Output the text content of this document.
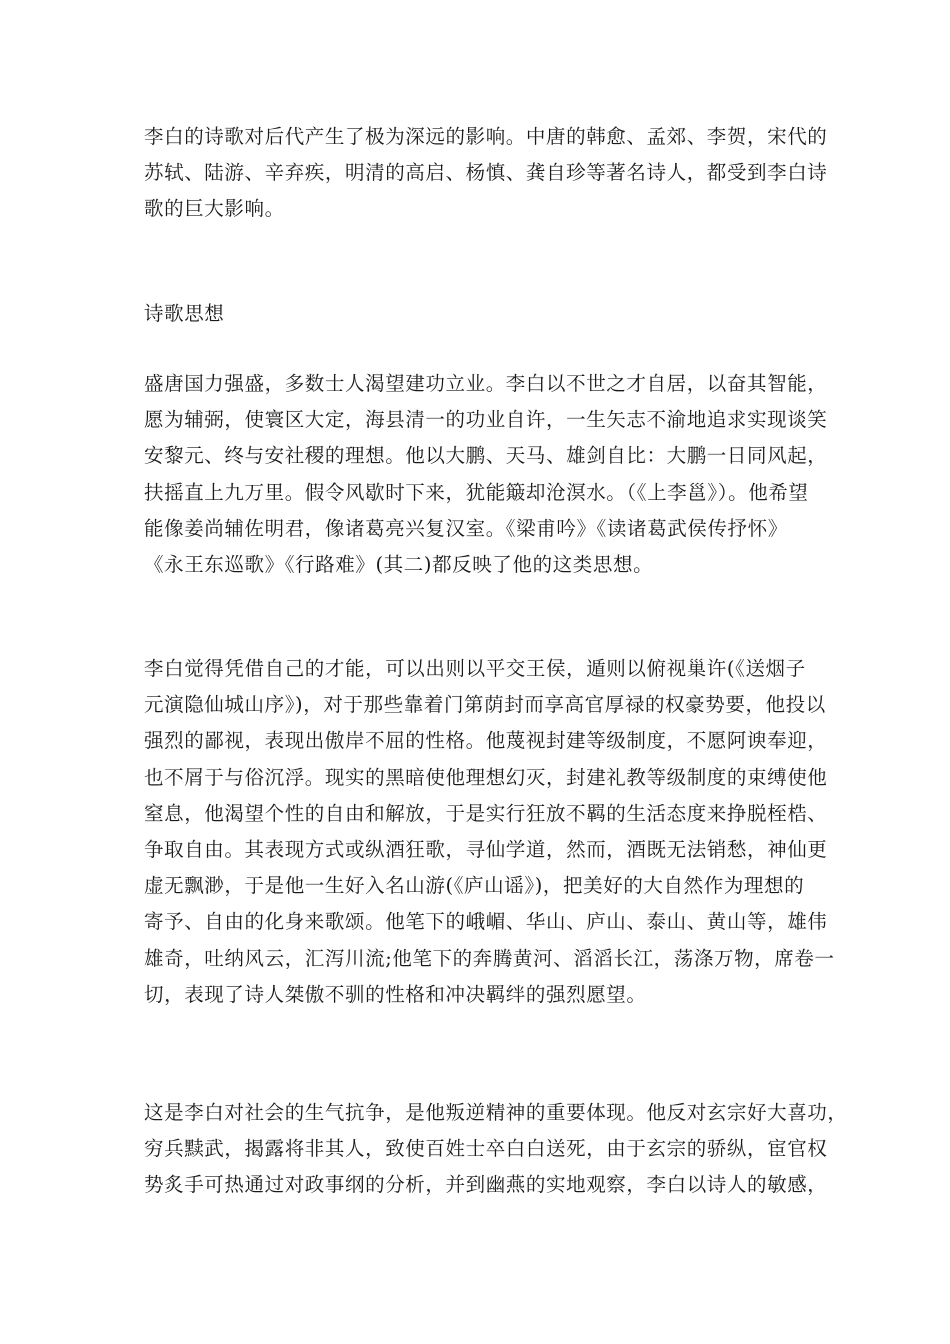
李白的诗歌对后代产生了极为深远的影响。中唐的韩愈、孟郊、李贺，宋代的
苏轼、陆游、辛弃疾，明清的高启、杨慎、龚自珍等著名诗人，都受到李白诗
歌的巨大影响。
诗歌思想
盛唐国力强盛，多数士人渴望建功立业。李白以不世之才自居，以奋其智能，
愿为辅弼，使寰区大定，海县清一的功业自许，一生矢志不渝地追求实现谈笑
安黎元、终与安社稷的理想。他以大鹏、天马、雄剑自比：大鹏一日同风起，
扶摇直上九万里。假令风歇时下来，犹能簸却沧溟水。（《上李邕》）。他希望
能像姜尚辅佐明君，像诸葛亮兴复汉室。《梁甫吟》《读诸葛武侯传抒怀》
《永王东巡歌》《行路难》(其二)都反映了他的这类思想。
李白觉得凭借自己的才能，可以出则以平交王侯，遁则以俯视巢许(《送烟子
元演隐仙城山序》)，对于那些靠着门第荫封而享高官厚禄的权豪势要，他投以
强烈的鄙视，表现出傲岸不屈的性格。他蔑视封建等级制度，不愿阿谀奉迎，
也不屑于与俗沉浮。现实的黑暗使他理想幻灭，封建礼教等级制度的束缚使他
窒息，他渴望个性的自由和解放，于是实行狂放不羁的生活态度来挣脱桎梏、
争取自由。其表现方式或纵酒狂歌，寻仙学道，然而，酒既无法销愁，神仙更
虚无飘渺，于是他一生好入名山游(《庐山谣》)，把美好的大自然作为理想的
寄予、自由的化身来歌颂。他笔下的峨嵋、华山、庐山、泰山、黄山等，雄伟
雄奇，吐纳风云，汇泻川流;他笔下的奔腾黄河、滔滔长江，荡涤万物，席卷一
切，表现了诗人桀傲不驯的性格和冲决羁绊的强烈愿望。
这是李白对社会的生气抗争，是他叛逆精神的重要体现。他反对玄宗好大喜功，
穷兵黩武，揭露将非其人，致使百姓士卒白白送死，由于玄宗的骄纵，宦官权
势炙手可热通过对政事纲的分析，并到幽燕的实地观察，李白以诗人的敏感，
